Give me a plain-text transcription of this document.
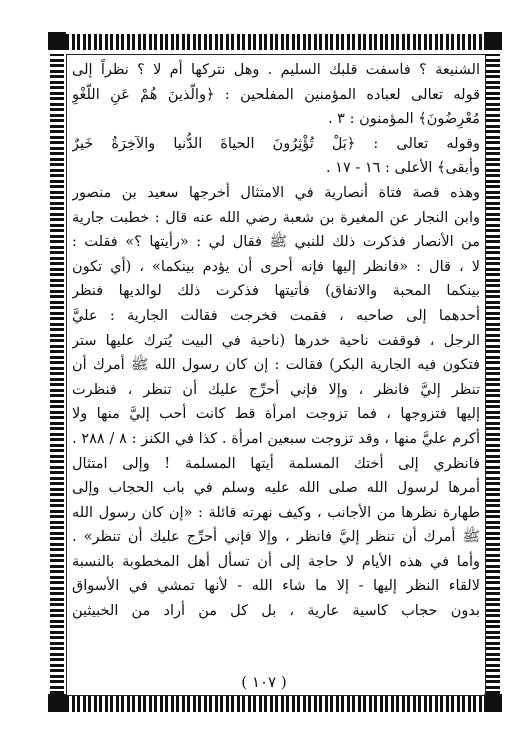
الشنيعة ؟ فاسفت قلبك السليم . وهل نتركها أم لا ؟ نظراً إلى
قوله تعالى لعباده المؤمنين المفلحين : ﴿والَّذينَ هُمْ عَنِ اللَّغْوِ
مُعْرِضُونَ﴾ المؤمنون : ٣ .
وقوله تعالى : ﴿بَلْ تُؤْثِرُونَ الحياةَ الدُّنيا والآخِرَةُ خَيرٌ
وأبقى﴾ الأعلى : ١٦ - ١٧ .
وهذه قصة فتاة أنصارية في الامتثال أخرجها سعيد بن منصور
وابن النجار عن المغيرة بن شعبة رضي الله عنه قال : خطبت جارية
من الأنصار فذكرت ذلك للنبي ﷺ فقال لي : «رأيتها ؟» فقلت :
لا ، قال : «فانظر إليها فإنه أحرى أن يؤدم بينكما» ، (أي تكون
بينكما المحبة والاتفاق) فأتيتها فذكرت ذلك لوالديها فنظر
أحدهما إلى صاحبه ، فقمت فخرجت فقالت الجارية : عليَّ
الرجل ، فوقفت ناحية خدرها (ناحية في البيت يُترك عليها ستر
فتكون فيه الجارية البكر) فقالت : إن كان رسول الله ﷺ أمرك أن
تنظر إليَّ فانظر ، وإلا فإني أحرِّج عليك أن تنظر ، فنظرت
إليها فتزوجها ، فما تزوجت امرأة قط كانت أحب إليَّ منها ولا
أكرم عليَّ منها ، وقد تزوجت سبعين امرأة . كذا في الكنز : ٨ / ٢٨٨ .
فانظري إلى أختك المسلمة أيتها المسلمة ! وإلى امتثال
أمرها لرسول الله صلى الله عليه وسلم في باب الحجاب وإلى
طهارة نظرها من الأجانب ، وكيف نهرته قائلة : «إن كان رسول الله
ﷺ أمرك أن تنظر إليَّ فانظر ، وإلا فإني أحرِّج عليك أن تنظر» .
وأما في هذه الأيام لا حاجة إلى أن تسأل أهل المخطوبة بالنسبة
لالقاء النظر إليها - إلا ما شاء الله - لأنها تمشي في الأسواق
بدون حجاب كاسية عارية ، بل كل من أراد من الخبيثين
( ١٠٧ )
